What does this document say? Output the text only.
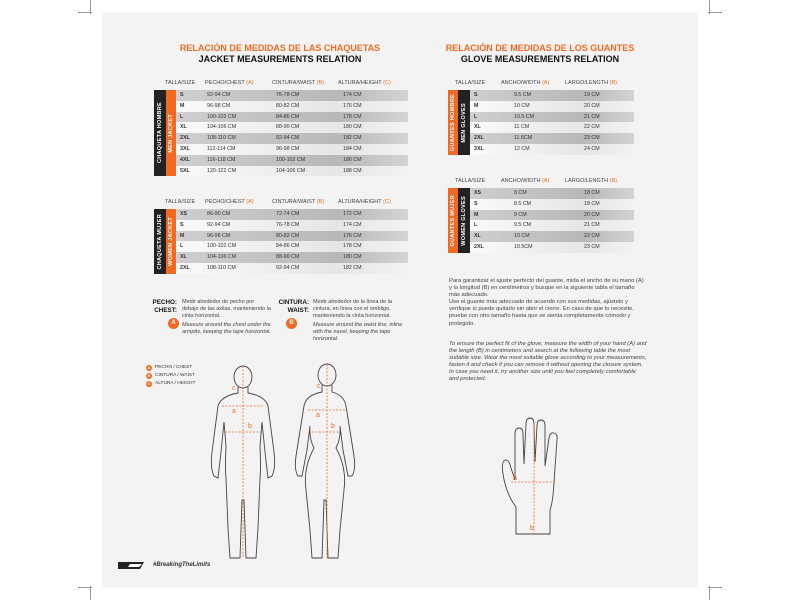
RELACIÓN DE MEDIDAS DE LAS CHAQUETAS
JACKET MEASUREMENTS RELATION
TALLA/SIZE PECHO/CHEST (A)	CINTURA/WAIST (B)	ALTURA/HEIGHT (C)
CHAQUETA HOMBRE MEN JACKET
S	92-94 CM	76-78 CM	174 CM
M	96-98 CM	80-82 CM	176 CM
L	100-102 CM	84-86 CM	178 CM
XL	104-106 CM	88-90 CM	180 CM
2XL	108-110 CM	92-94 CM	182 CM
3XL	112-114 CM	96-98 CM	184 CM
4XL	116-118 CM	100-102 CM	186 CM
5XL	120-122 CM	104-106 CM	188 CM
TALLA/SIZE PECHO/CHEST (A)	CINTURA/WAIST (B)	ALTURA/HEIGHT (C)
CHAQUETA MUJER WOMEN JACKET
XS	86-90 CM	72-74 CM	172 CM
S	92-94 CM	76-78 CM	174 CM
M	96-98 CM	80-82 CM	176 CM
L	100-102 CM	84-86 CM	178 CM
XL	104-106 CM	88-90 CM	180 CM
2XL	108-110 CM	92-94 CM	182 CM
PECHO:
CHEST:
A
Medir alrededor de pecho por debajo de las axilas, manteniendo la cinta horizontal.
Measure around the chest under the armpits, keeping the tape horizontal.
CINTURA:
WAIST:
B
Medir alrededor de la línea de la cintura, en línea con el ombligo, manteniendo la cinta horizontal.
Measure around the waist line, inline with the navel, keeping the tape horizontal.
A PECHO / CHEST
B CINTURA / WAIST
C ALTURA / HEIGHT
c
a
b
c
a
b
RELACIÓN DE MEDIDAS DE LOS GUANTES
GLOVE MEASUREMENTS RELATION
TALLA/SIZE	ANCHO/WIDTH (A)	LARGO/LENGTH (B)
GUANTES HOMBRE MEN GLOVES
S	9.5 CM	19 CM
M	10 CM	20 CM
L	10.5 CM	21 CM
XL	11 CM	22 CM
2XL	11.5CM	23 CM
3XL	12 CM	24 CM
TALLA/SIZE	ANCHO/WIDTH (A)	LARGO/LENGTH (B)
GUANTES MUJER WOMEN GLOVES
XS	8 CM	18 CM
S	8.5 CM	18 CM
M	9 CM	20 CM
L	9.5 CM	21 CM
XL	10 CM	22 CM
2XL	10.5CM	23 CM
Para garantizar el ajuste perfecto del guante, mida el ancho de su mano (A) y la longitud (B) en centímetros y busque en la siguiente tabla el tamaño más adecuado.
Use el guante más adecuado de acuerdo con sus medidas, ajústelo y verifique si puede quitarlo sin abrir el cierre. En caso de que lo necesite, pruebe con otro tamaño hasta que se sienta completamente cómodo y protegido.
To ensure the perfect fit of the glove, measure the width of your hand (A) and the length (B) in centimeters and search at the following table the most suitable size. Wear the most suitable glove according to your measurements, fasten it and check if you can remove it without opening the closure system.
In case you need it, try another size until you feel completely comfortable and protected.
a
b
#BreakingTheLimits
